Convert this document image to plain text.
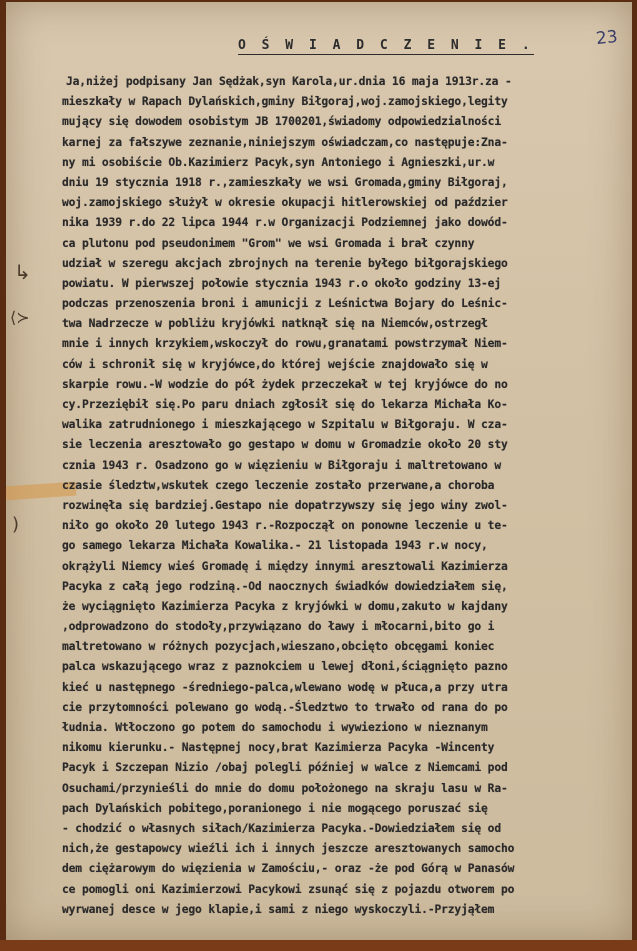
23
O Ś W I A D C Z E N I E .
↳
⟨≻
)
Ja,niżej podpisany Jan Sędżak,syn Karola,ur.dnia 16 maja 1913r.za -
mieszkały w Rapach Dylańskich,gminy Biłgoraj,woj.zamojskiego,legity
mujący się dowodem osobistym JB 1700201,świadomy odpowiedzialności
karnej za fałszywe zeznanie,niniejszym oświadczam,co następuje:Zna-
ny mi osobiście Ob.Kazimierz Pacyk,syn Antoniego i Agnieszki,ur.w
dniu 19 stycznia 1918 r.,zamieszkały we wsi Gromada,gminy Biłgoraj,
woj.zamojskiego służył w okresie okupacji hitlerowskiej od paździer
nika 1939 r.do 22 lipca 1944 r.w Organizacji Podziemnej jako dowód-
ca plutonu pod pseudonimem "Grom" we wsi Gromada i brał czynny
udział w szeregu akcjach zbrojnych na terenie byłego biłgorajskiego
powiatu. W pierwszej połowie stycznia 1943 r.o około godziny 13-ej
podczas przenoszenia broni i amunicji z Leśnictwa Bojary do Leśnic-
twa Nadrzecze w pobliżu kryjówki natknął się na Niemców,ostrzegł
mnie i innych krzykiem,wskoczył do rowu,granatami powstrzymał Niem-
ców i schronił się w kryjówce,do której wejście znajdowało się w
skarpie rowu.-W wodzie do pół żydek przeczekał w tej kryjówce do no
cy.Przeziębił się.Po paru dniach zgłosił się do lekarza Michała Ko-
walika zatrudnionego i mieszkającego w Szpitalu w Biłgoraju. W cza-
sie leczenia aresztowało go gestapo w domu w Gromadzie około 20 sty
cznia 1943 r. Osadzono go w więzieniu w Biłgoraju i maltretowano w
czasie śledztw,wskutek czego leczenie zostało przerwane,a choroba
rozwinęła się bardziej.Gestapo nie dopatrzywszy się jego winy zwol-
niło go około 20 lutego 1943 r.-Rozpoczął on ponowne leczenie u te-
go samego lekarza Michała Kowalika.- 21 listopada 1943 r.w nocy,
okrążyli Niemcy wieś Gromadę i między innymi aresztowali Kazimierza
Pacyka z całą jego rodziną.-Od naocznych świadków dowiedziałem się,
że wyciągnięto Kazimierza Pacyka z kryjówki w domu,zakuto w kajdany
,odprowadzono do stodoły,przywiązano do ławy i młocarni,bito go i
maltretowano w różnych pozycjach,wieszano,obcięto obcęgami koniec
palca wskazującego wraz z paznokciem u lewej dłoni,ściągnięto pazno
kieć u następnego -średniego-palca,wlewano wodę w płuca,a przy utra
cie przytomności polewano go wodą.-Śledztwo to trwało od rana do po
łudnia. Wtłoczono go potem do samochodu i wywieziono w nieznanym
nikomu kierunku.- Następnej nocy,brat Kazimierza Pacyka -Wincenty
Pacyk i Szczepan Nizio /obaj polegli później w walce z Niemcami pod
Osuchami/przynieśli do mnie do domu położonego na skraju lasu w Ra-
pach Dylańskich pobitego,poranionego i nie mogącego poruszać się
- chodzić o własnych siłach/Kazimierza Pacyka.-Dowiedziałem się od
nich,że gestapowcy wieźli ich i innych jeszcze aresztowanych samocho
dem ciężarowym do więzienia w Zamościu,- oraz -że pod Górą w Panasów
ce pomogli oni Kazimierzowi Pacykowi zsunąć się z pojazdu otworem po
wyrwanej desce w jego klapie,i sami z niego wyskoczyli.-Przyjąłem
